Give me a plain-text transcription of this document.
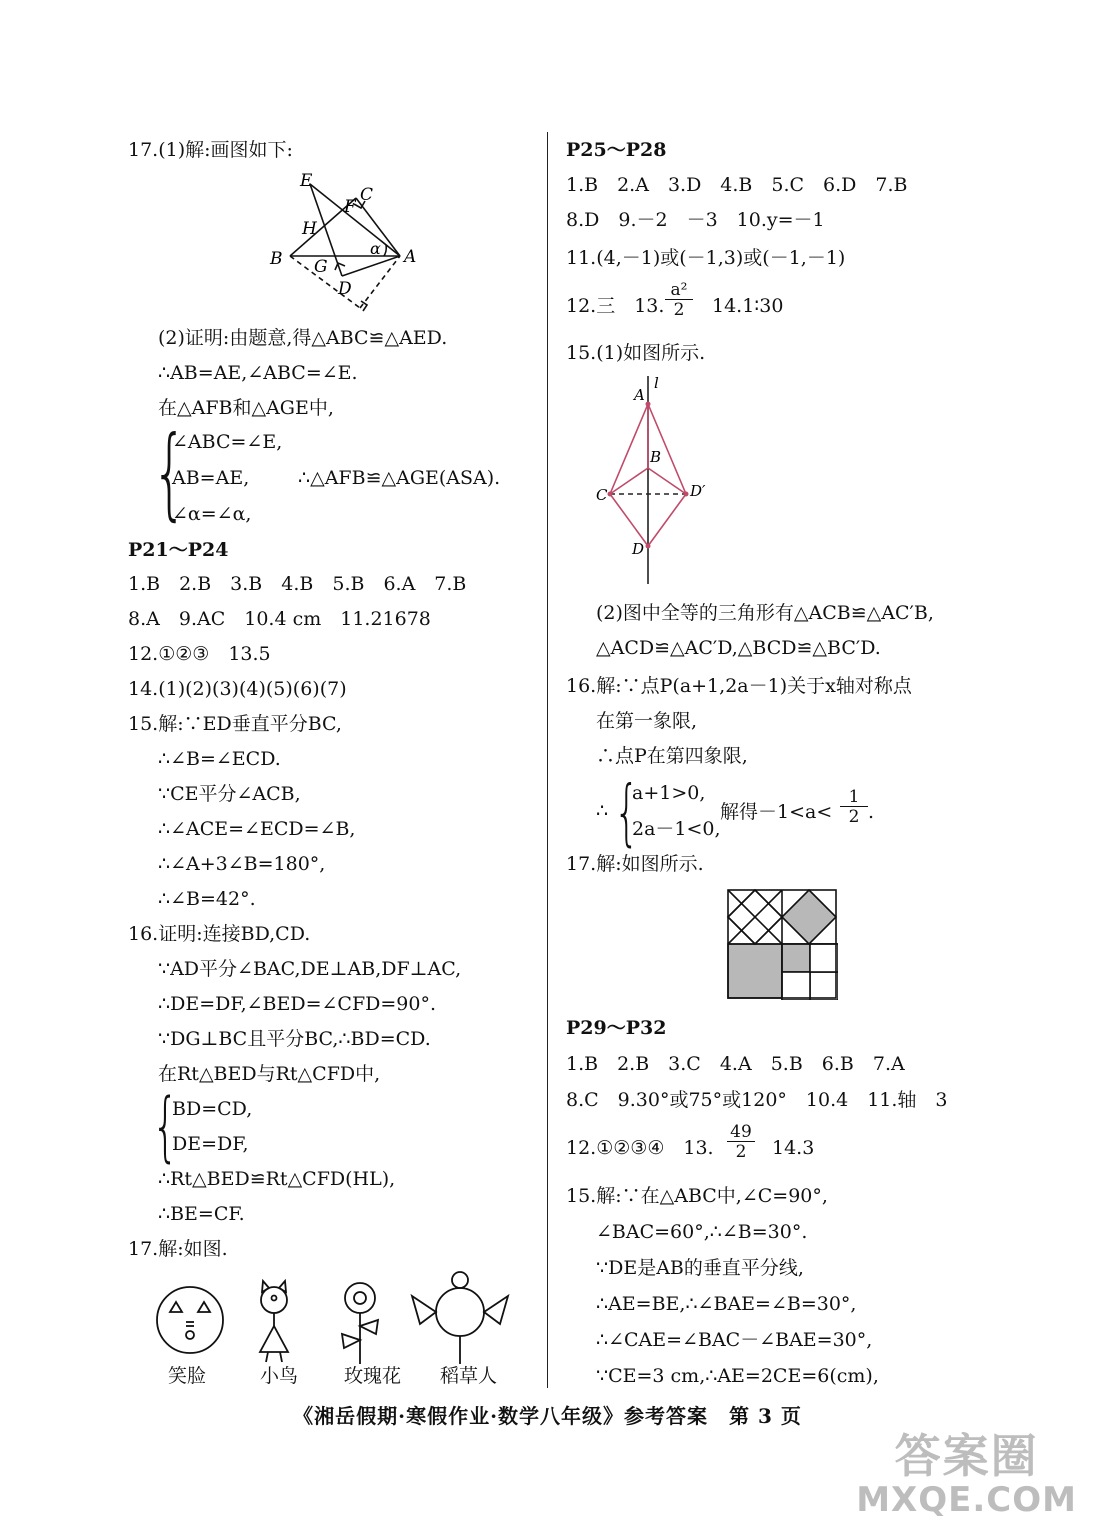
17.(1)解:画图如下:
E
C
F
H
B G
α A
D
(2)证明:由题意,得△ABC≌△AED.
∴AB=AE,∠ABC=∠E.
在△AFB和△AGE中,
{
∠ABC=∠E,
AB=AE,	∴△AFB≌△AGE(ASA).
∠α=∠α,
P21～P24
1.B　2.B　3.B　4.B　5.B　6.A　7.B
8.A　9.AC　10.4 cm　11.21678
12.①②③　13.5
14.(1)(2)(3)(4)(5)(6)(7)
15.解:∵ED垂直平分BC,
∴∠B=∠ECD.
∵CE平分∠ACB,
∴∠ACE=∠ECD=∠B,
∴∠A+3∠B=180°,
∴∠B=42°.
16.证明:连接BD,CD.
∵AD平分∠BAC,DE⊥AB,DF⊥AC,
∴DE=DF,∠BED=∠CFD=90°.
∵DG⊥BC且平分BC,∴BD=CD.
在Rt△BED与Rt△CFD中,
{
BD=CD,
DE=DF,
∴Rt△BED≌Rt△CFD(HL),
∴BE=CF.
17.解:如图.
笑脸	小鸟 玫瑰花 稻草人
P25～P28
1.B　2.A　3.D　4.B　5.C　6.D　7.B
8.D　9.－2　－3　10.y=－1
11.(4,－1)或(－1,3)或(－1,－1)
12.三　13. $\frac{\text{a²}}{2}$ 14.1∶30
15.(1)如图所示.
l
A
B
C	D′
D
(2)图中全等的三角形有△ACB≌△AC′B,
△ACD≌△AC′D,△BCD≌△BC′D.
16.解:∵点P(a+1,2a－1)关于x轴对称点
在第一象限,
∴点P在第四象限,
∴ {
a+1>0,
2a－1<0,
解得$-1<a< \frac{1}{2}$ .
17.解:如图所示.
P29～P32
1.B　2.B　3.C　4.A　5.B　6.B　7.A
8.C　9.30°或75°或120°　10.4　11.轴　3
12.①②③④　13. $\frac{49}{2} 14.3$
15.解:∵在△ABC中,∠C=90°,
∠BAC=60°,∴∠B=30°.
∵DE是AB的垂直平分线,
∴AE=BE,∴∠BAE=∠B=30°,
∴∠CAE=∠BAC－∠BAE=30°,
∵CE=3 cm,∴AE=2CE=6(cm),
《湘岳假期·寒假作业·数学八年级》参考答案　第 3 页
答案圈
MXQE.COM
